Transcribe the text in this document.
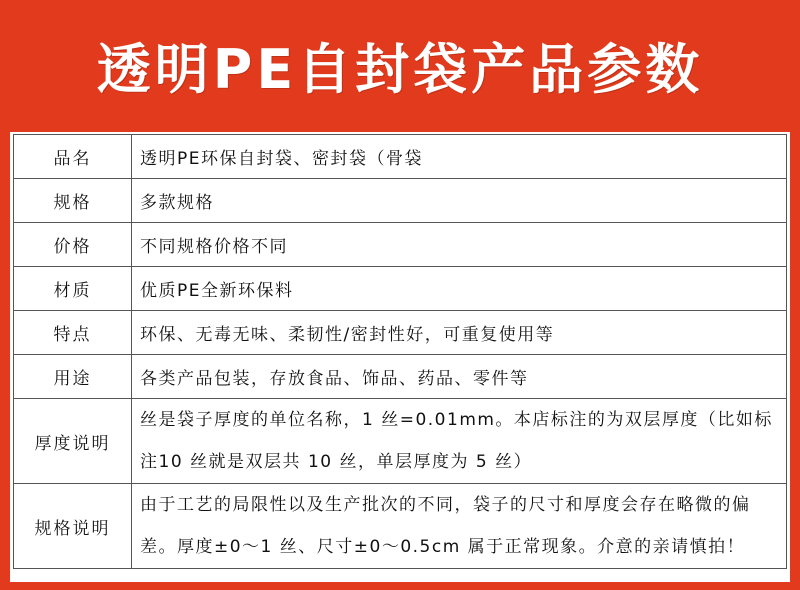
透明PE自封袋产品参数
品名	透明PE环保自封袋、密封袋（骨袋
规格	多款规格
价格	不同规格价格不同
材质	优质PE全新环保料
特点	环保、无毒无味、柔韧性/密封性好，可重复使用等
用途	各类产品包装，存放食品、饰品、药品、零件等
厚度说明	丝是袋子厚度的单位名称，1 丝=0.01mm。本店标注的为双层厚度（比如标注10 丝就是双层共 10 丝，单层厚度为 5 丝）
规格说明	由于工艺的局限性以及生产批次的不同，袋子的尺寸和厚度会存在略微的偏差。厚度±0～1 丝、尺寸±0～0.5cm 属于正常现象。介意的亲请慎拍！
